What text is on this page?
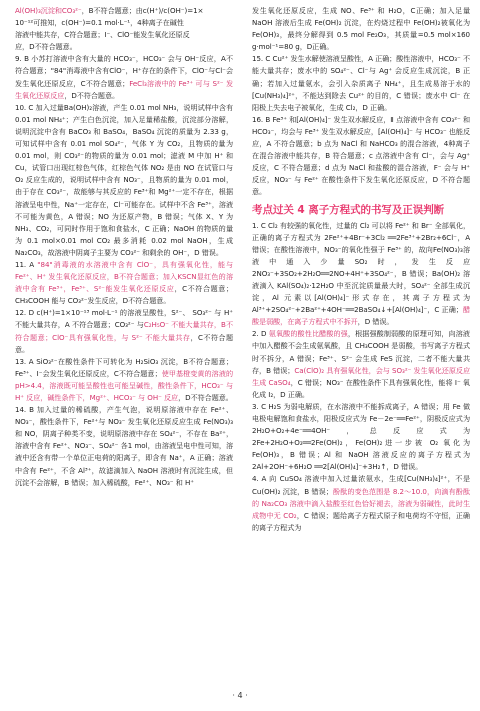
Al(OH)₃沉淀和CO₃²⁻，B不符合题意；由c(H⁺)/c(OH⁻)=1×

10⁻¹²可推知，c(OH⁻)=0.1 mol·L⁻¹，4种离子在碱性

溶液中能共存，C符合题意；I⁻、ClO⁻能发生氧化还原反

应，D不符合题意。

9. B 小苏打溶液中含有大量的 HCO₃⁻，HCO₃⁻ 会与 OH⁻反应，A不符合题意；"84"消毒液中含有ClO⁻，H⁺存在的条件下，ClO⁻与Cl⁻会发生氧化还原反应，C不符合题意；FeCl₃溶液中的 Fe³⁺ 可与 S²⁻ 发生氧化还原反应，D不符合题意。

10. C 加入过量Ba(OH)₂溶液，产生 0.01 mol NH₃，说明试样中含有 0.01 mol NH₄⁺；产生白色沉淀，加入足量稀盐酸，沉淀部分溶解，说明沉淀中含有 BaCO₃ 和 BaSO₄，BaSO₄ 沉淀的质量为 2.33 g，可知试样中含有 0.01 mol SO₄²⁻，气体 Y 为 CO₂，且物质的量为 0.01 mol，则 CO₃²⁻的物质的量为 0.01 mol；滤液 M 中加 H⁺ 和 Cu，试管口出现红棕色气体，红棕色气体 NO₂ 是由 NO 在试管口与 O₂ 反应生成的，说明试样中含有 NO₃⁻，且物质的量为 0.01 mol，由于存在 CO₃²⁻，故能够与其反应的 Fe³⁺和 Mg²⁺一定不存在，根据溶液呈电中性，Na⁺一定存在，Cl⁻可能存在。试样中不含 Fe³⁺，溶液不可能为黄色，A 错误；NO 为还原产物，B 错误；气体 X、Y 为 NH₃、CO₂，可同时作用于饱和食盐水，C 正确；NaOH 的物质的量为 0.1 mol×0.01 mol CO₂ 最多消耗 0.02 mol NaOH，生成 Na₂CO₃，故溶液中阴离子主要为 CO₃²⁻ 和剩余的 OH⁻，D 错误。

11. A "84"消毒液的水溶液中含有 ClO⁻，具有强氧化性，能与 Fe²⁺、H⁺ 发生氧化还原反应，B不符合题意；加入KSCN显红色的溶液中含有 Fe³⁺，Fe³⁺、S²⁻能发生氧化还原反应，C不符合题意；CH₃COOH 能与 CO₃²⁻发生反应，D不符合题意。

12. D c(H⁺)=1×10⁻¹³ mol·L⁻¹ 的溶液呈酸性，S²⁻、 SO₃²⁻ 与 H⁺ 不能大量共存，A 不符合题意；CO₃²⁻ 与C₂H₅O⁻ 不能大量共存，B不符合题意；ClO⁻具有强氧化性，与 S²⁻ 不能大量共存，C不符合题意。

13. A SiO₃²⁻在酸性条件下可转化为 H₂SiO₃ 沉淀，B不符合题意；Fe³⁺、I⁻会发生氧化还原反应，C不符合题意；使甲基橙变黄的溶液的 pH>4.4，溶液既可能呈酸性也可能呈碱性，酸性条件下，HCO₃⁻ 与 H⁺ 反应，碱性条件下，Mg²⁺、HCO₃⁻ 与 OH⁻ 反应，D不符合题意。

14. B 加入过量的稀硫酸，产生气泡，说明原溶液中存在 Fe²⁺、NO₃⁻，酸性条件下，Fe²⁺与 NO₃⁻ 发生氧化还原反应生成 Fe(NO₃)₃ 和 NO，阴离子种类不变，说明原溶液中存在 SO₄²⁻，不存在 Ba²⁺，溶液中含有 Fe²⁺、NO₃⁻、SO₄²⁻ 各1 mol，由溶液呈电中性可知，溶液中还含有带一个单位正电荷的阳离子，即含有 Na⁺，A 正确；溶液中含有 Fe²⁺，不含 Al³⁺，故滤滴加入 NaOH 溶液时有沉淀生成，但沉淀不会溶解，B 错误；加入稀硫酸，Fe²⁺、NO₃⁻ 和 H⁺

发生氧化还原反应，生成 NO、Fe³⁺ 和 H₂O，C正确；加入足量 NaOH 溶液后生成 Fe(OH)₂ 沉淀，在灼烧过程中 Fe(OH)₂被氧化为 Fe(OH)₃，最终分解得到 0.5 mol Fe₂O₃，其质量=0.5 mol×160 g·mol⁻¹=80 g，D正确。

15. C Cu²⁺ 发生水解使溶液呈酸性，A 正确；酸性溶液中，HCO₃⁻ 不能大量共存；废水中的 SO₄²⁻、Cl⁻与 Ag⁺ 会反应生成沉淀，B 正确；若加入过量氨水，会引入杂质离子 NH₄⁺，且生成易溶于水的[Cu(NH₃)₄]²⁺，不能达到除去 Cu²⁺ 的目的，C 错误；废水中 Cl⁻ 在阳极上失去电子被氧化，生成 Cl₂，D 正确。

16. B Fe³⁺ 和[Al(OH)₄]⁻ 发生双水解反应，Ⅱ 点溶液中含有 CO₃²⁻ 和 HCO₃⁻，均会与 Fe³⁺ 发生双水解反应，[Al(OH)₄]⁻ 与 HCO₃⁻ 也能反应，A 不符合题意；b 点为 NaCl 和 NaHCO₃ 的混合溶液，4种离子在混合溶液中能共存，B 符合题意；c 点溶液中含有 Cl⁻，会与 Ag⁺ 反应，C 不符合题意；d 点为 NaCl 和盐酸的混合溶液，F⁻ 会与 H⁺ 反应，NO₃⁻ 与 Fe²⁺ 在酸性条件下发生氧化还原反应，D 不符合题意。

考点过关 4 离子方程式的书写及正误判断

1. C Cl₂ 有较强的氧化性，过量的 Cl₂ 可以将 Fe²⁺ 和 Br⁻ 全部氧化，正确的离子方程式为 2Fe²⁺+4Br⁻+3Cl₂ ══2Fe³⁺+2Br₂+6Cl⁻，A 错误；在酸性溶液中，NO₃⁻的氧化性强于 Fe³⁺ 的，故向Fe(NO₃)₃溶液中通入少量SO₂时，发生反应 2NO₃⁻+3SO₂+2H₂O══2NO+4H⁺+3SO₄²⁻，B 错误；Ba(OH)₂ 溶液滴入 KAl(SO₄)₂·12H₂O 中至沉淀质量最大时，SO₄²⁻ 全部生成沉淀，Al 元素以[Al(OH)₄]⁻形式存在，其离子方程式为 Al³⁺+2SO₄²⁻+2Ba²⁺+4OH⁻══2BaSO₄↓+[Al(OH)₄]⁻，C 正确；醋酸是弱酸，在离子方程式中不拆开，D 错误。

2. D 氨氧酸的酸性比醋酸的强，根据强酸制弱酸的原理可知，向溶液中加入醋酸不会生成氨氧酸，且 CH₃COOH 是弱酸，书写离子方程式时不拆分，A 错误；Fe³⁺、S²⁻ 会生成 FeS 沉淀，二者不能大量共存，B 错误；Ca(ClO)₂ 具有强氧化性，会与 SO₃²⁻ 发生氧化还原反应生成 CaSO₄，C 错误；NO₃⁻ 在酸性条件下具有强氧化性，能将 I⁻ 氧化成 I₂，D 正确。

3. C H₂S 为弱电解质，在水溶液中不能拆成离子，A 错误；用 Fe 做电极电解饱和食盐水，阳极反应式为 Fe－2e⁻══Fe²⁺，阴极反应式为 2H₂O+O₂+4e⁻══4OH⁻，总反应式为 2Fe+2H₂O+O₂══2Fe(OH)₂，Fe(OH)₂进一步被 O₂ 氧化为 Fe(OH)₃，B 错误；Al 和 NaOH 溶液反应的离子方程式为 2Al+2OH⁻+6H₂O ══2[Al(OH)₄]⁻+3H₂↑，D 错误。

4. A 向 CuSO₄ 溶液中加入过量浓氨水，生成[Cu(NH₃)₄]²⁺，不是 Cu(OH)₂ 沉淀，B 错误；酚酞的变色范围是 8.2～10.0，向滴有酚酞的 Na₂CO₃ 溶液中滴入盐酸至红色恰好褪去，溶液为弱碱性，此时生成物中无 CO₂，C 错误；题给离子方程式原子和电荷均不守恒，正确的离子方程式为

· 4 ·
